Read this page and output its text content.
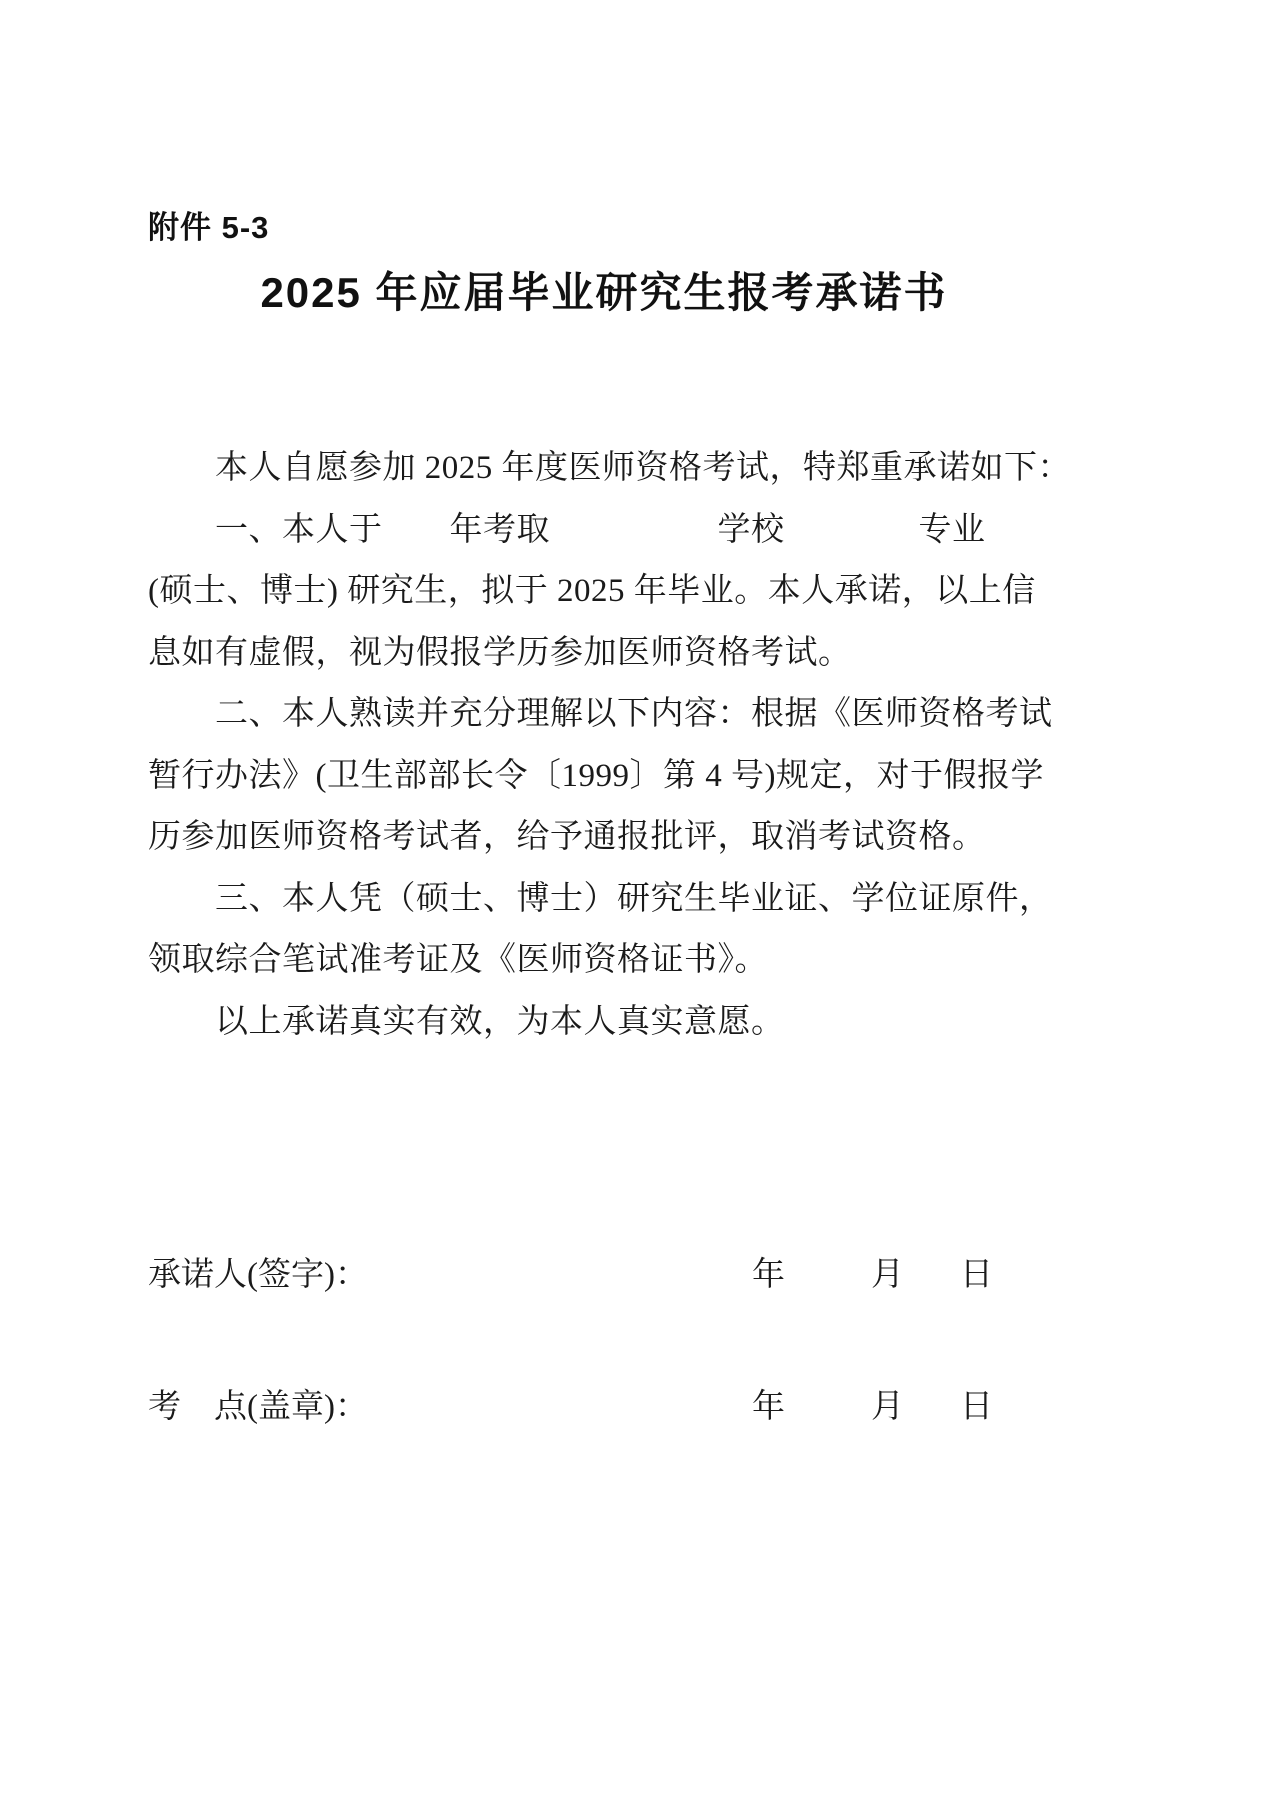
附件 5-3
2025 年应届毕业研究生报考承诺书
　　本人自愿参加 2025 年度医师资格考试，特郑重承诺如下：
　　一、本人于　　年考取　　　　　学校　　　　专业
(硕士、博士) 研究生，拟于 2025 年毕业。本人承诺，以上信
息如有虚假，视为假报学历参加医师资格考试。
　　二、本人熟读并充分理解以下内容：根据《医师资格考试
暂行办法》(卫生部部长令〔1999〕第 4 号)规定，对于假报学
历参加医师资格考试者，给予通报批评，取消考试资格。
　　三、本人凭（硕士、博士）研究生毕业证、学位证原件，
领取综合笔试准考证及《医师资格证书》。
　　以上承诺真实有效，为本人真实意愿。
承诺人(签字)：	年	月 日
考　点(盖章)：	年	月 日
